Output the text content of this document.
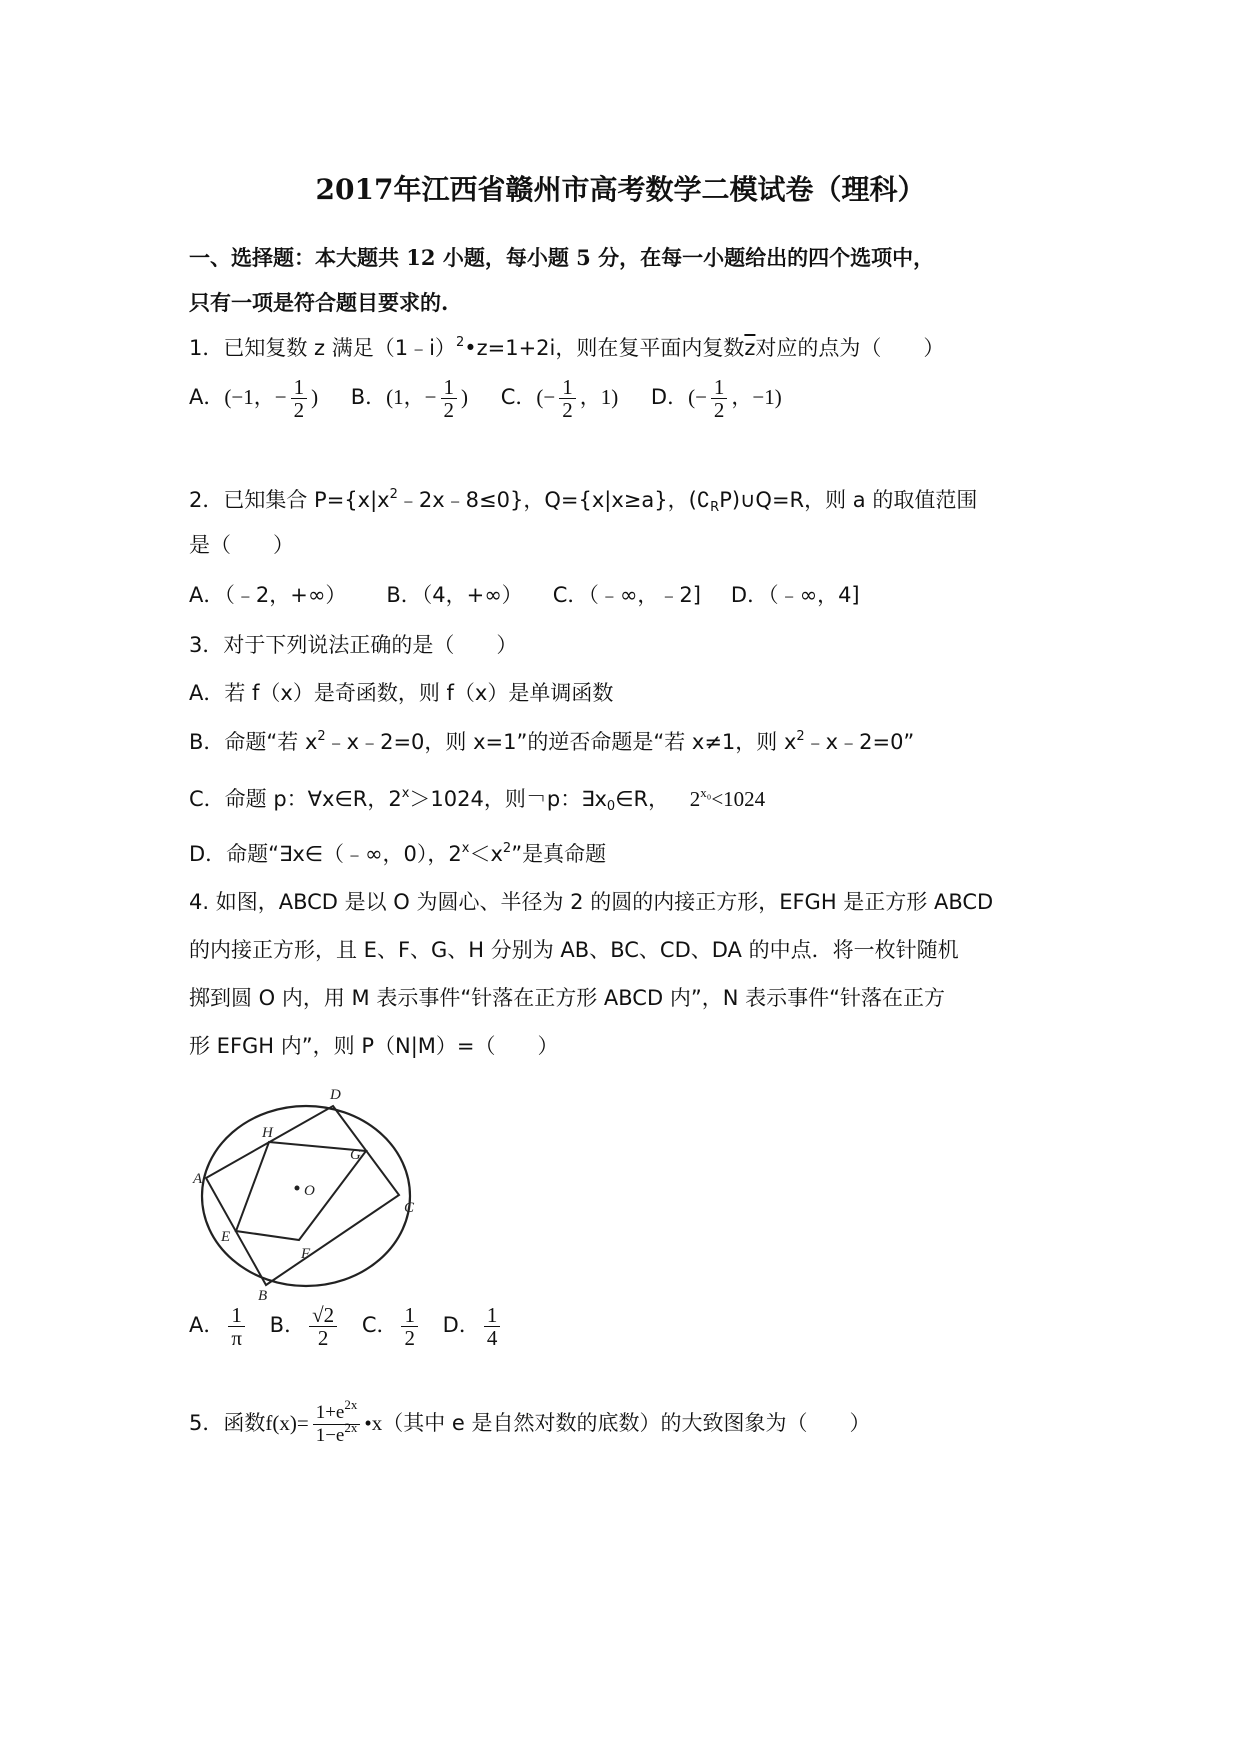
2017年江西省赣州市高考数学二模试卷（理科）
一、选择题：本大题共 12 小题，每小题 5 分，在每一小题给出的四个选项中，
只有一项是符合题目要求的.
1．已知复数 z 满足（1﹣i）$^2$•z=1+2i，则在复平面内复数$\overline{z}$对应的点为（　　）
A．(−1，− $\frac{1}{2}$ ) B．(1，− $\frac{1}{2}$ ) C．(− $\frac{1}{2}$ ，1) D．(− $\frac{1}{2}$ ，−1)
2．已知集合 $P=\{x|x^2﹣2x﹣8\le 0\}$，Q={x|x≥a}，$(∁_RP)\cup Q=R$，则 a 的取值范围
是（　　）
A．（﹣2，+∞） B．（4，+∞） C．（﹣∞，﹣2] D．（﹣∞，4]
3．对于下列说法正确的是（　　）
A．若 f（x）是奇函数，则 f（x）是单调函数
B．命题“若 $x^2﹣x﹣2=0$，则 x=1”的逆否命题是“若 x≠1，则 $x^2﹣x﹣2=0$”
C．命题 p：∀x∈R，$2^x>1024$，则￢p：$\exists x_0\in R$， $2^{x_0}<1024$
D．命题“∃x∈（﹣∞，0），$2^x<x^2$”是真命题
4. 如图，ABCD 是以 O 为圆心、半径为 2 的圆的内接正方形，EFGH 是正方形 ABCD
的内接正方形，且 E、F、G、H 分别为 AB、BC、CD、DA 的中点．将一枚针随机
掷到圆 O 内，用 M 表示事件“针落在正方形 ABCD 内”，N 表示事件“针落在正方
形 EFGH 内”，则 P（N|M）=（　　）
D
A
C
B
H
G
E
F
O
A． $\frac{1}{\pi}$ B． $\frac{√2}{2}$ C． $\frac{1}{2}$ D． $\frac{1}{4}$
5．函数$f(x)= \frac{1+e^{2x}}{1-e^{2x}}$ •x（其中 e 是自然对数的底数）的大致图象为（　　）
